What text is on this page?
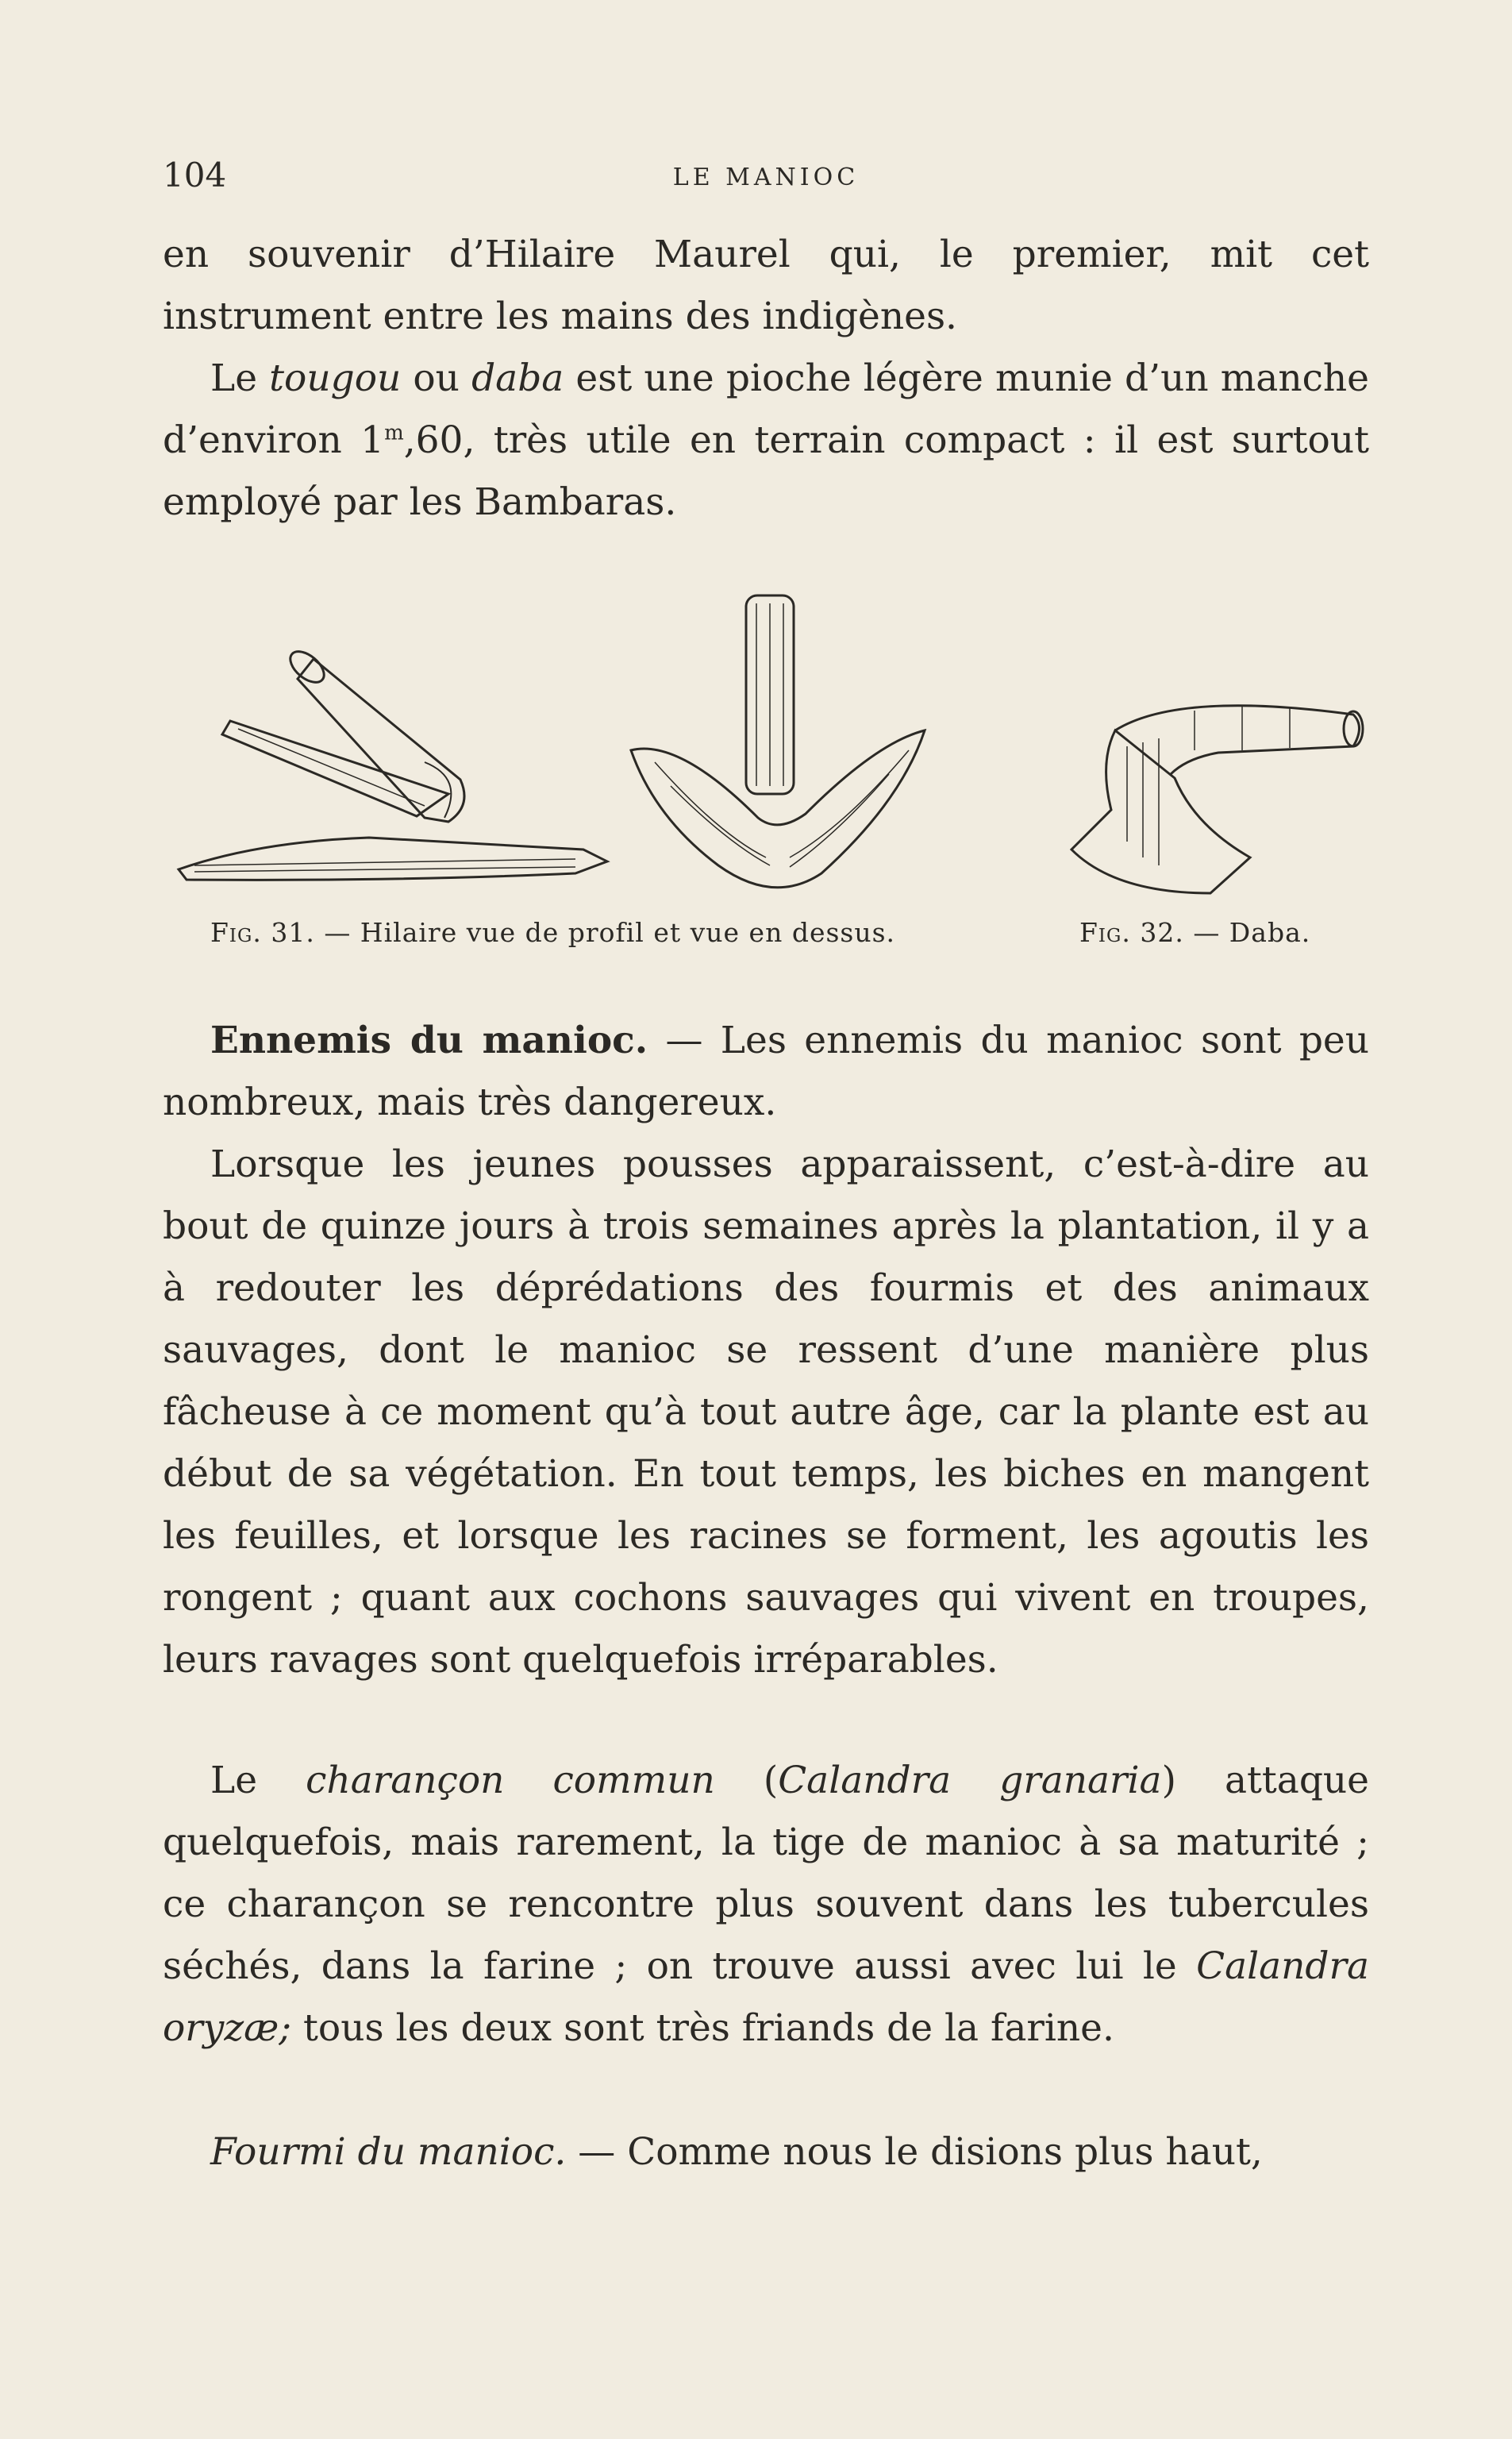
104	LE MANIOC

en souvenir d’Hilaire Maurel qui, le premier, mit cet instrument entre les mains des indigènes.

Le tougou ou daba est une pioche légère munie d’un manche d’environ 1$^m$,60, très utile en terrain compact : il est surtout employé par les Bambaras.

Fig. 31. — Hilaire vue de profil et vue en dessus.	Fig. 32. — Daba.

Ennemis du manioc. — Les ennemis du manioc sont peu nombreux, mais très dangereux.

Lorsque les jeunes pousses apparaissent, c’est-à-dire au bout de quinze jours à trois semaines après la plantation, il y a à redouter les déprédations des fourmis et des animaux sauvages, dont le manioc se ressent d’une manière plus fâcheuse à ce moment qu’à tout autre âge, car la plante est au début de sa végétation. En tout temps, les biches en mangent les feuilles, et lorsque les racines se forment, les agoutis les rongent ; quant aux cochons sauvages qui vivent en troupes, leurs ravages sont quelquefois irréparables.

Le charançon commun (Calandra granaria) attaque quelquefois, mais rarement, la tige de manioc à sa maturité ; ce charançon se rencontre plus souvent dans les tubercules séchés, dans la farine ; on trouve aussi avec lui le Calandra oryzæ; tous les deux sont très friands de la farine.

Fourmi du manioc. — Comme nous le disions plus haut,
